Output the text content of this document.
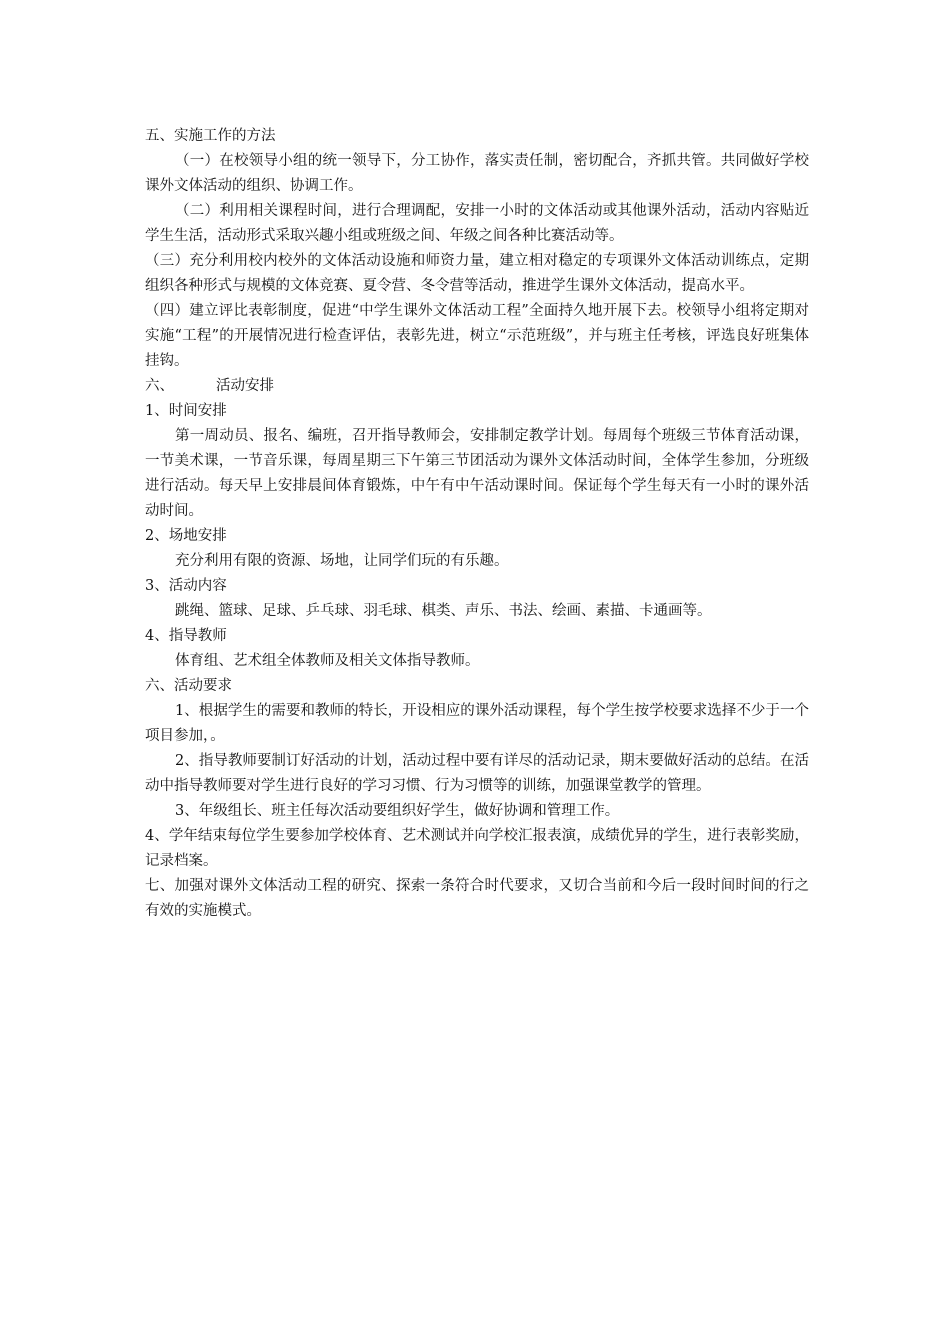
五、实施工作的方法

（一）在校领导小组的统一领导下，分工协作，落实责任制，密切配合，齐抓共管。共同做好学校课外文体活动的组织、协调工作。

（二）利用相关课程时间，进行合理调配，安排一小时的文体活动或其他课外活动，活动内容贴近学生生活，活动形式采取兴趣小组或班级之间、年级之间各种比赛活动等。

（三）充分利用校内校外的文体活动设施和师资力量，建立相对稳定的专项课外文体活动训练点，定期组织各种形式与规模的文体竞赛、夏令营、冬令营等活动，推进学生课外文体活动，提高水平。

（四）建立评比表彰制度，促进“中学生课外文体活动工程”全面持久地开展下去。校领导小组将定期对实施“工程”的开展情况进行检查评估，表彰先进，树立“示范班级”，并与班主任考核，评选良好班集体挂钩。

六、	活动安排

1、时间安排

第一周动员、报名、编班，召开指导教师会，安排制定教学计划。每周每个班级三节体育活动课，一节美术课，一节音乐课，每周星期三下午第三节团活动为课外文体活动时间，全体学生参加，分班级进行活动。每天早上安排晨间体育锻炼，中午有中午活动课时间。保证每个学生每天有一小时的课外活动时间。

2、场地安排

充分利用有限的资源、场地，让同学们玩的有乐趣。

3、活动内容

跳绳、篮球、足球、乒乓球、羽毛球、棋类、声乐、书法、绘画、素描、卡通画等。

4、指导教师

体育组、艺术组全体教师及相关文体指导教师。

六、活动要求

1、根据学生的需要和教师的特长，开设相应的课外活动课程，每个学生按学校要求选择不少于一个项目参加，。

2、指导教师要制订好活动的计划，活动过程中要有详尽的活动记录，期末要做好活动的总结。在活动中指导教师要对学生进行良好的学习习惯、行为习惯等的训练，加强课堂教学的管理。

3、年级组长、班主任每次活动要组织好学生，做好协调和管理工作。

4、学年结束每位学生要参加学校体育、艺术测试并向学校汇报表演，成绩优异的学生，进行表彰奖励，记录档案。

七、加强对课外文体活动工程的研究、探索一条符合时代要求，又切合当前和今后一段时间时间的行之有效的实施模式。
